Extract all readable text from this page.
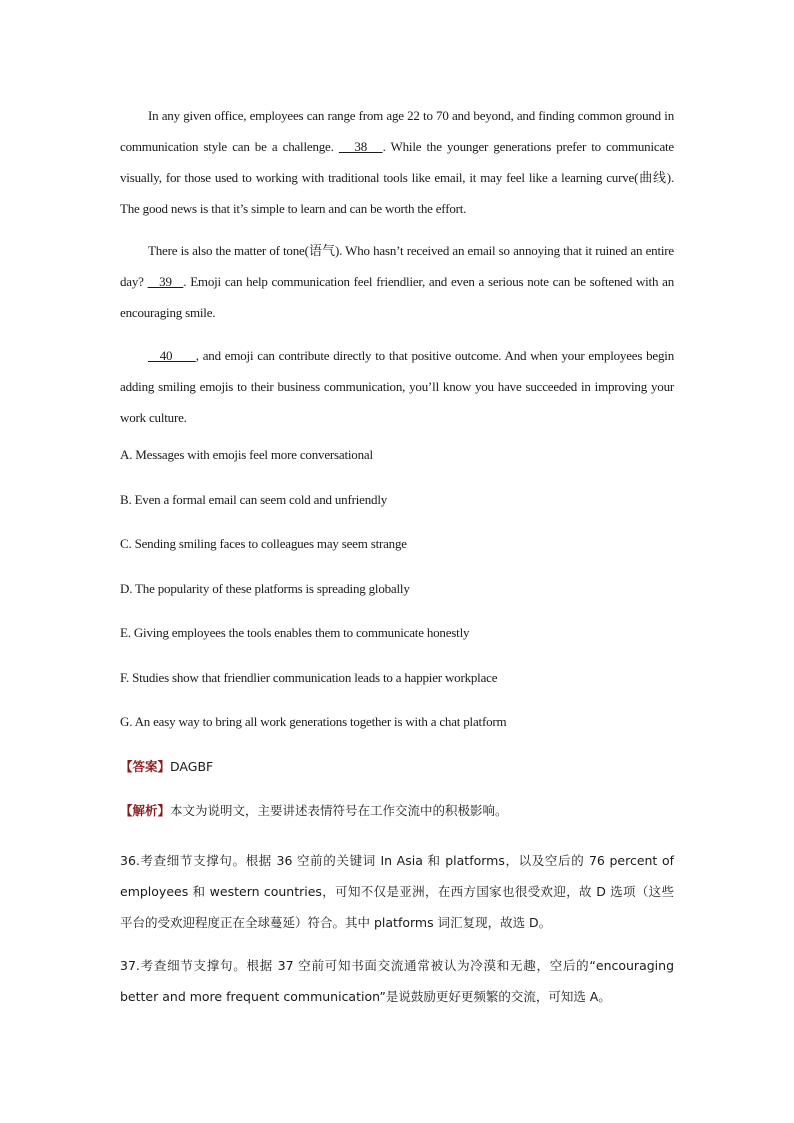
In any given office, employees can range from age 22 to 70 and beyond, and finding common ground in communication style can be a challenge.    38   . While the younger generations prefer to communicate visually, for those used to working with traditional tools like email, it may feel like a learning curve(曲线). The good news is that it’s simple to learn and can be worth the effort.

There is also the matter of tone(语气). Who hasn’t received an email so annoying that it ruined an entire day?    39   . Emoji can help communication feel friendlier, and even a serious note can be softened with an encouraging smile.

40      , and emoji can contribute directly to that positive outcome. And when your employees begin adding smiling emojis to their business communication, you’ll know you have succeeded in improving your work culture.

A. Messages with emojis feel more conversational

B. Even a formal email can seem cold and unfriendly

C. Sending smiling faces to colleagues may seem strange

D. The popularity of these platforms is spreading globally

E. Giving employees the tools enables them to communicate honestly

F. Studies show that friendlier communication leads to a happier workplace

G. An easy way to bring all work generations together is with a chat platform

【答案】DAGBF

【解析】本文为说明文，主要讲述表情符号在工作交流中的积极影响。

36.考查细节支撑句。根据 36 空前的关键词 In Asia 和 platforms，以及空后的 76 percent of employees 和 western countries，可知不仅是亚洲，在西方国家也很受欢迎，故 D 选项（这些平台的受欢迎程度正在全球蔓延）符合。其中 platforms 词汇复现，故选 D。

37.考查细节支撑句。根据 37 空前可知书面交流通常被认为冷漠和无趣，空后的“encouraging better and more frequent communication”是说鼓励更好更频繁的交流，可知选 A。
